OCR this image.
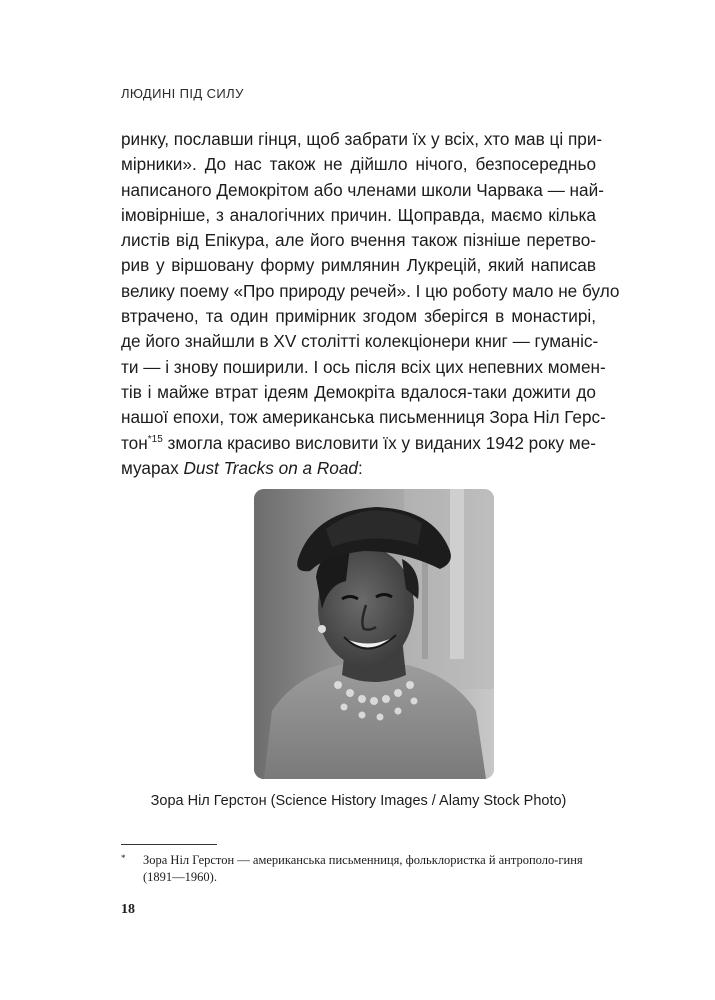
ЛЮДИНІ ПІД СИЛУ
ринку, пославши гінця, щоб забрати їх у всіх, хто мав ці при-
мірники». До нас також не дійшло нічого, безпосередньо
написаного Демокрітом або членами школи Чарвака — най-
імовірніше, з аналогічних причин. Щоправда, маємо кілька
листів від Епікура, але його вчення також пізніше перетво-
рив у віршовану форму римлянин Лукрецій, який написав
велику поему «Про природу речей». І цю роботу мало не було
втрачено, та один примірник згодом зберігся в монастирі,
де його знайшли в XV столітті колекціонери книг — гуманіс-
ти — і знову поширили. І ось після всіх цих непевних момен-
тів і майже втрат ідеям Демокріта вдалося-таки дожити до
нашої епохи, тож американська письменниця Зора Ніл Герс-
тон$^{*15}$ змогла красиво висловити їх у виданих 1942 року ме-
муарах Dust Tracks on a Road:
Зора Ніл Герстон (Science History Images / Alamy Stock Photo)
*	Зора Ніл Герстон — американська письменниця, фольклористка й антрополо-гиня (1891—1960).
18
